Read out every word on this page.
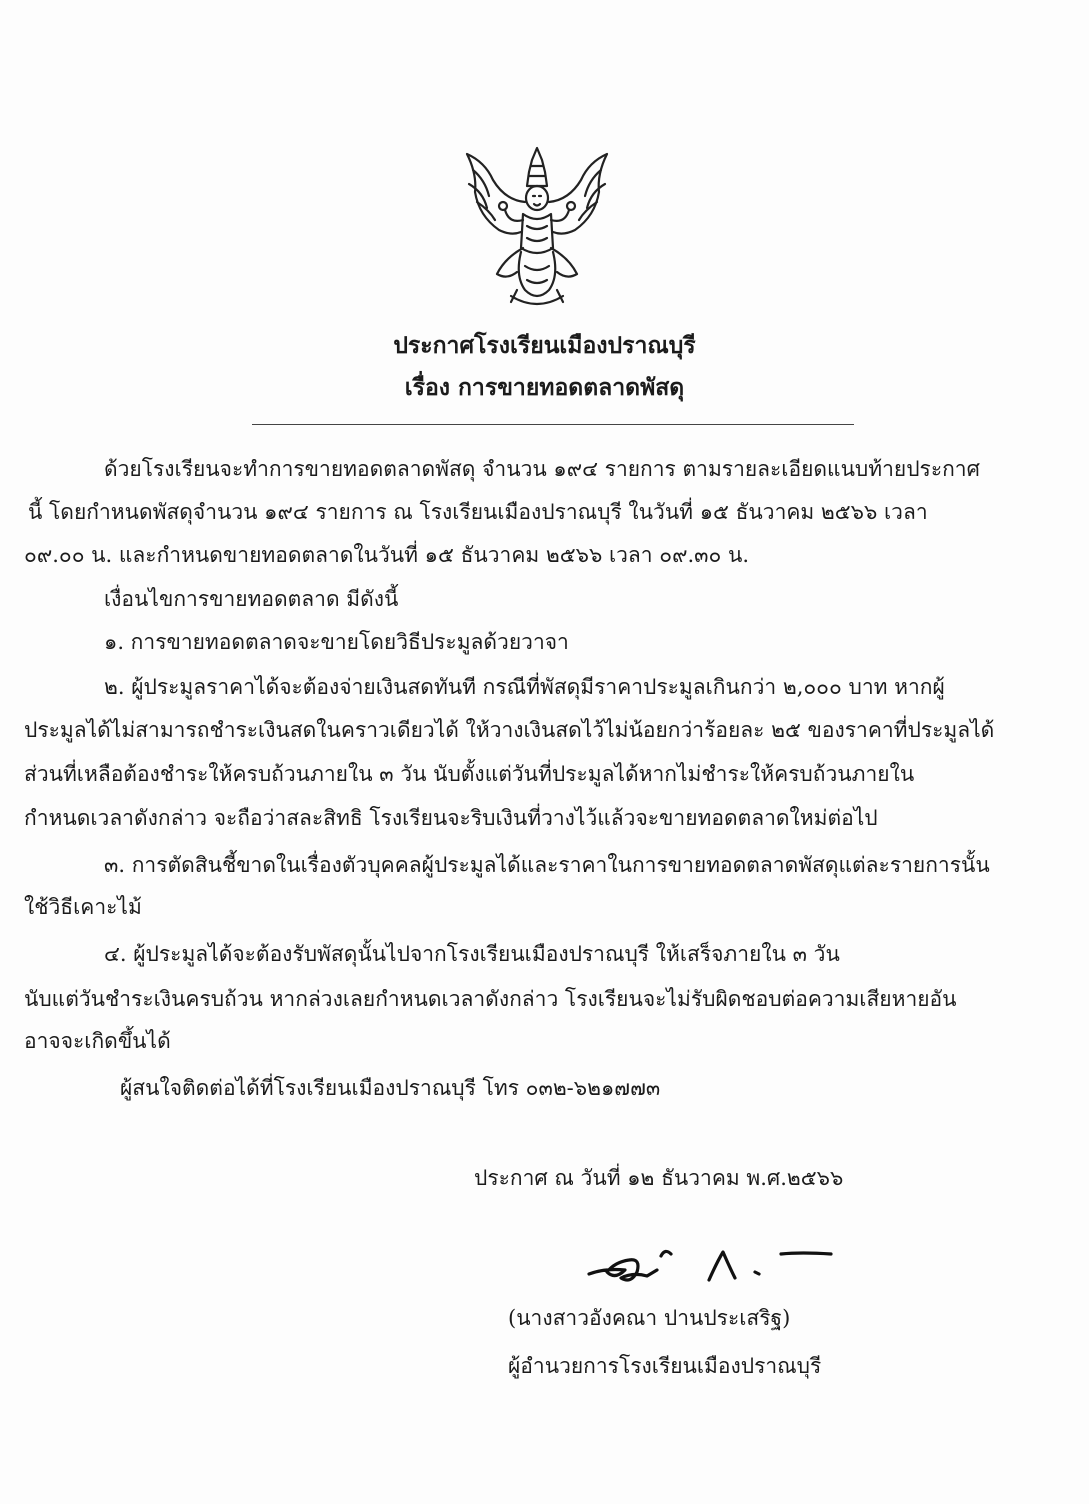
ประกาศโรงเรียนเมืองปราณบุรี
เรื่อง การขายทอดตลาดพัสดุ
ด้วยโรงเรียนจะทำการขายทอดตลาดพัสดุ จำนวน ๑๙๔ รายการ ตามรายละเอียดแนบท้ายประกาศ
นี้ โดยกำหนดพัสดุจำนวน ๑๙๔ รายการ ณ โรงเรียนเมืองปราณบุรี ในวันที่ ๑๕ ธันวาคม ๒๕๖๖ เวลา
๐๙.๐๐ น. และกำหนดขายทอดตลาดในวันที่ ๑๕ ธันวาคม ๒๕๖๖ เวลา ๐๙.๓๐ น.
เงื่อนไขการขายทอดตลาด มีดังนี้
๑. การขายทอดตลาดจะขายโดยวิธีประมูลด้วยวาจา
๒. ผู้ประมูลราคาได้จะต้องจ่ายเงินสดทันที กรณีที่พัสดุมีราคาประมูลเกินกว่า ๒,๐๐๐ บาท หากผู้
ประมูลได้ไม่สามารถชำระเงินสดในคราวเดียวได้ ให้วางเงินสดไว้ไม่น้อยกว่าร้อยละ ๒๕ ของราคาที่ประมูลได้
ส่วนที่เหลือต้องชำระให้ครบถ้วนภายใน ๓ วัน นับตั้งแต่วันที่ประมูลได้หากไม่ชำระให้ครบถ้วนภายใน
กำหนดเวลาดังกล่าว จะถือว่าสละสิทธิ โรงเรียนจะริบเงินที่วางไว้แล้วจะขายทอดตลาดใหม่ต่อไป
๓. การตัดสินชี้ขาดในเรื่องตัวบุคคลผู้ประมูลได้และราคาในการขายทอดตลาดพัสดุแต่ละรายการนั้น
ใช้วิธีเคาะไม้
๔. ผู้ประมูลได้จะต้องรับพัสดุนั้นไปจากโรงเรียนเมืองปราณบุรี ให้เสร็จภายใน ๓ วัน
นับแต่วันชำระเงินครบถ้วน หากล่วงเลยกำหนดเวลาดังกล่าว โรงเรียนจะไม่รับผิดชอบต่อความเสียหายอัน
อาจจะเกิดขึ้นได้
ผู้สนใจติดต่อได้ที่โรงเรียนเมืองปราณบุรี โทร ๐๓๒-๖๒๑๗๗๓
ประกาศ ณ วันที่ ๑๒ ธันวาคม พ.ศ.๒๕๖๖
(นางสาวอังคณา ปานประเสริฐ)
ผู้อำนวยการโรงเรียนเมืองปราณบุรี
